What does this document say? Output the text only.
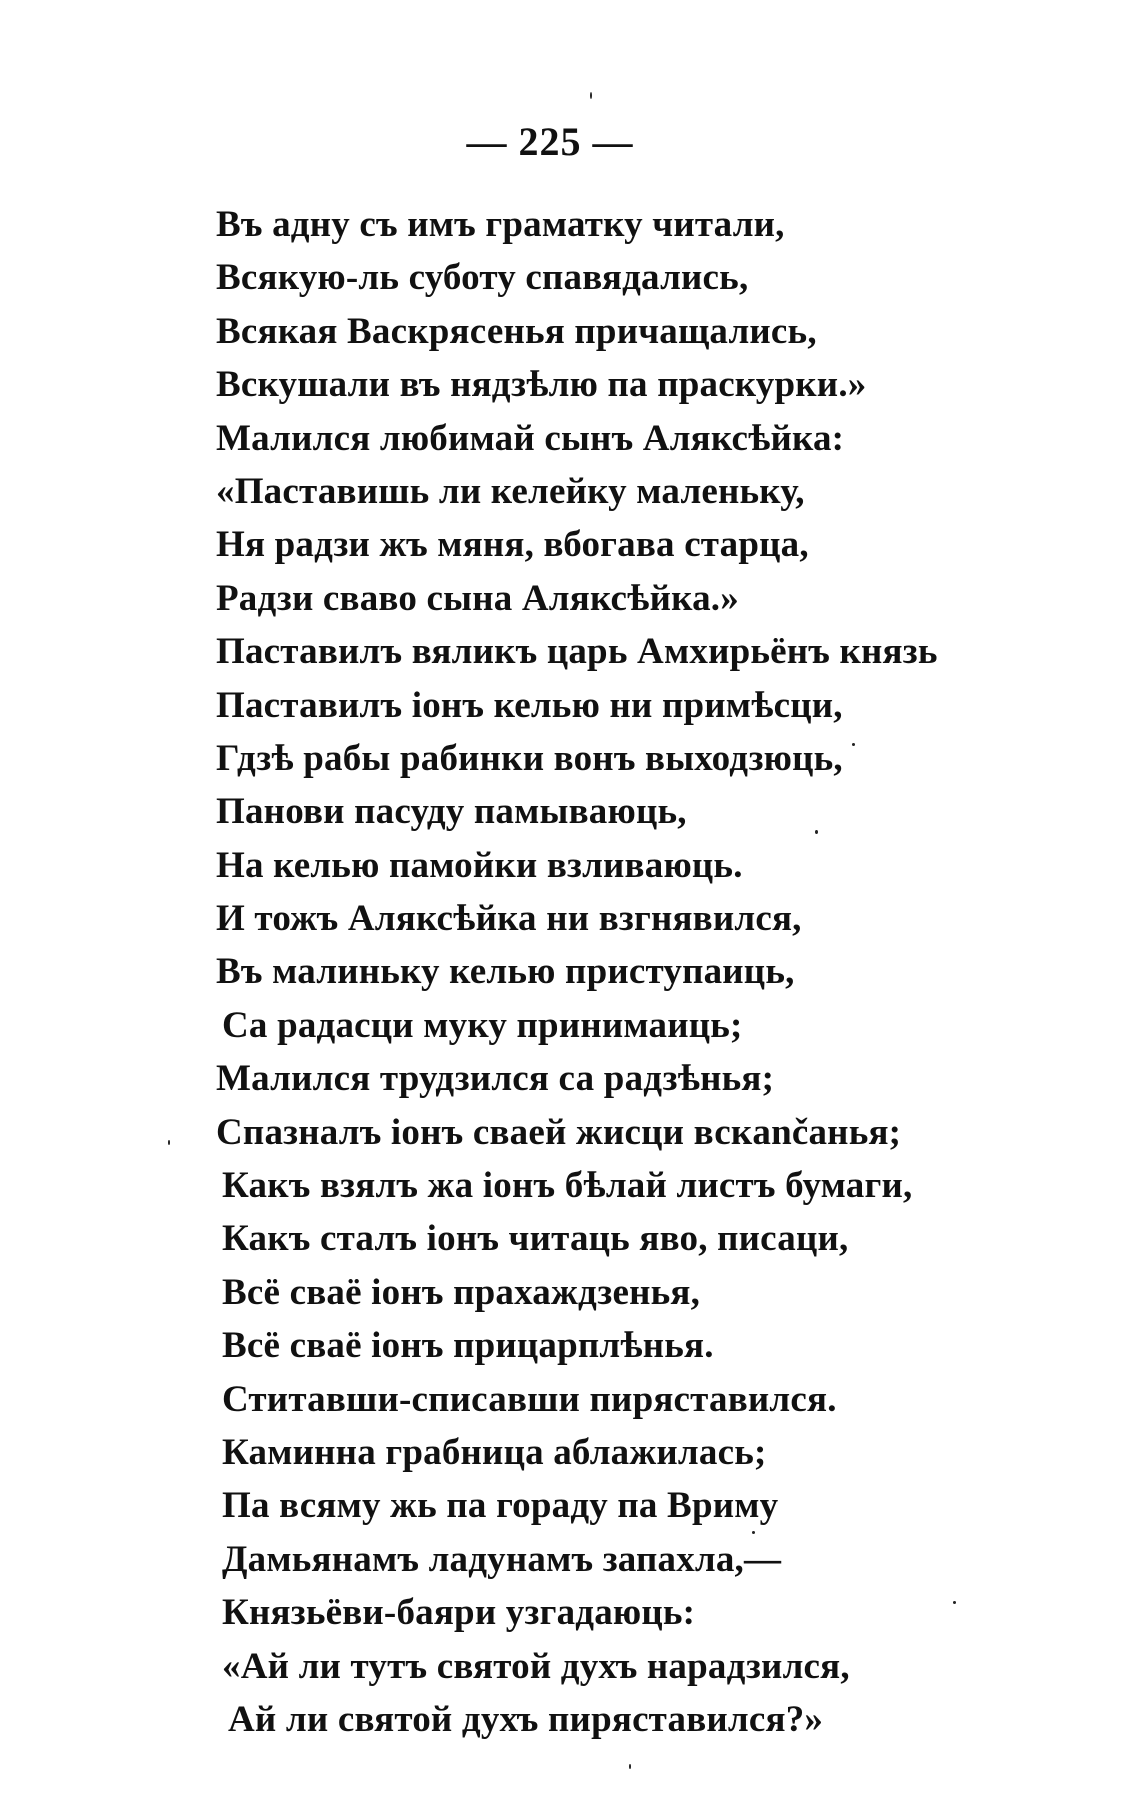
— 225 —
Въ адну съ имъ граматку читали,
Всякую-ль суботу спавядались,
Всякая Васкрясенья причащались,
Вскушали въ нядзѣлю па праскурки.»
Малился любимай сынъ Аляксѣйка:
«Паставишь ли келейку маленьку,
Ня радзи жъ мяня, вбогава старца,
Радзи сваво сына Аляксѣйка.»
Паставилъ вяликъ царь Амхирьёнъ князь
Паставилъ іонъ келью ни примѣсци,
Гдзѣ рабы рабинки вонъ выходзюць,
Панови пасуду памываюць,
На келью памойки взливаюць.
И тожъ Аляксѣйка ни взгнявился,
Въ малиньку келью приступаиць,
Са радасци муку принимаиць;
Малился трудзился са радзѣнья;
Спазналъ іонъ сваей жисци вскančанья;
Какъ взялъ жа іонъ бѣлай листъ бумаги,
Какъ сталъ іонъ читаць яво, писаци,
Всё сваё іонъ прахаждзенья,
Всё сваё іонъ прицарплѣнья.
Ститавши-списавши пиряставился.
Каминна грабница аблажилась;
Па всяму жь па гораду па Вриму
Дамьянамъ ладунамъ запахла,—
Князьёви-баяри узгадаюць:
«Ай ли тутъ святой духъ нарадзился,
Ай ли святой духъ пиряставился?»
